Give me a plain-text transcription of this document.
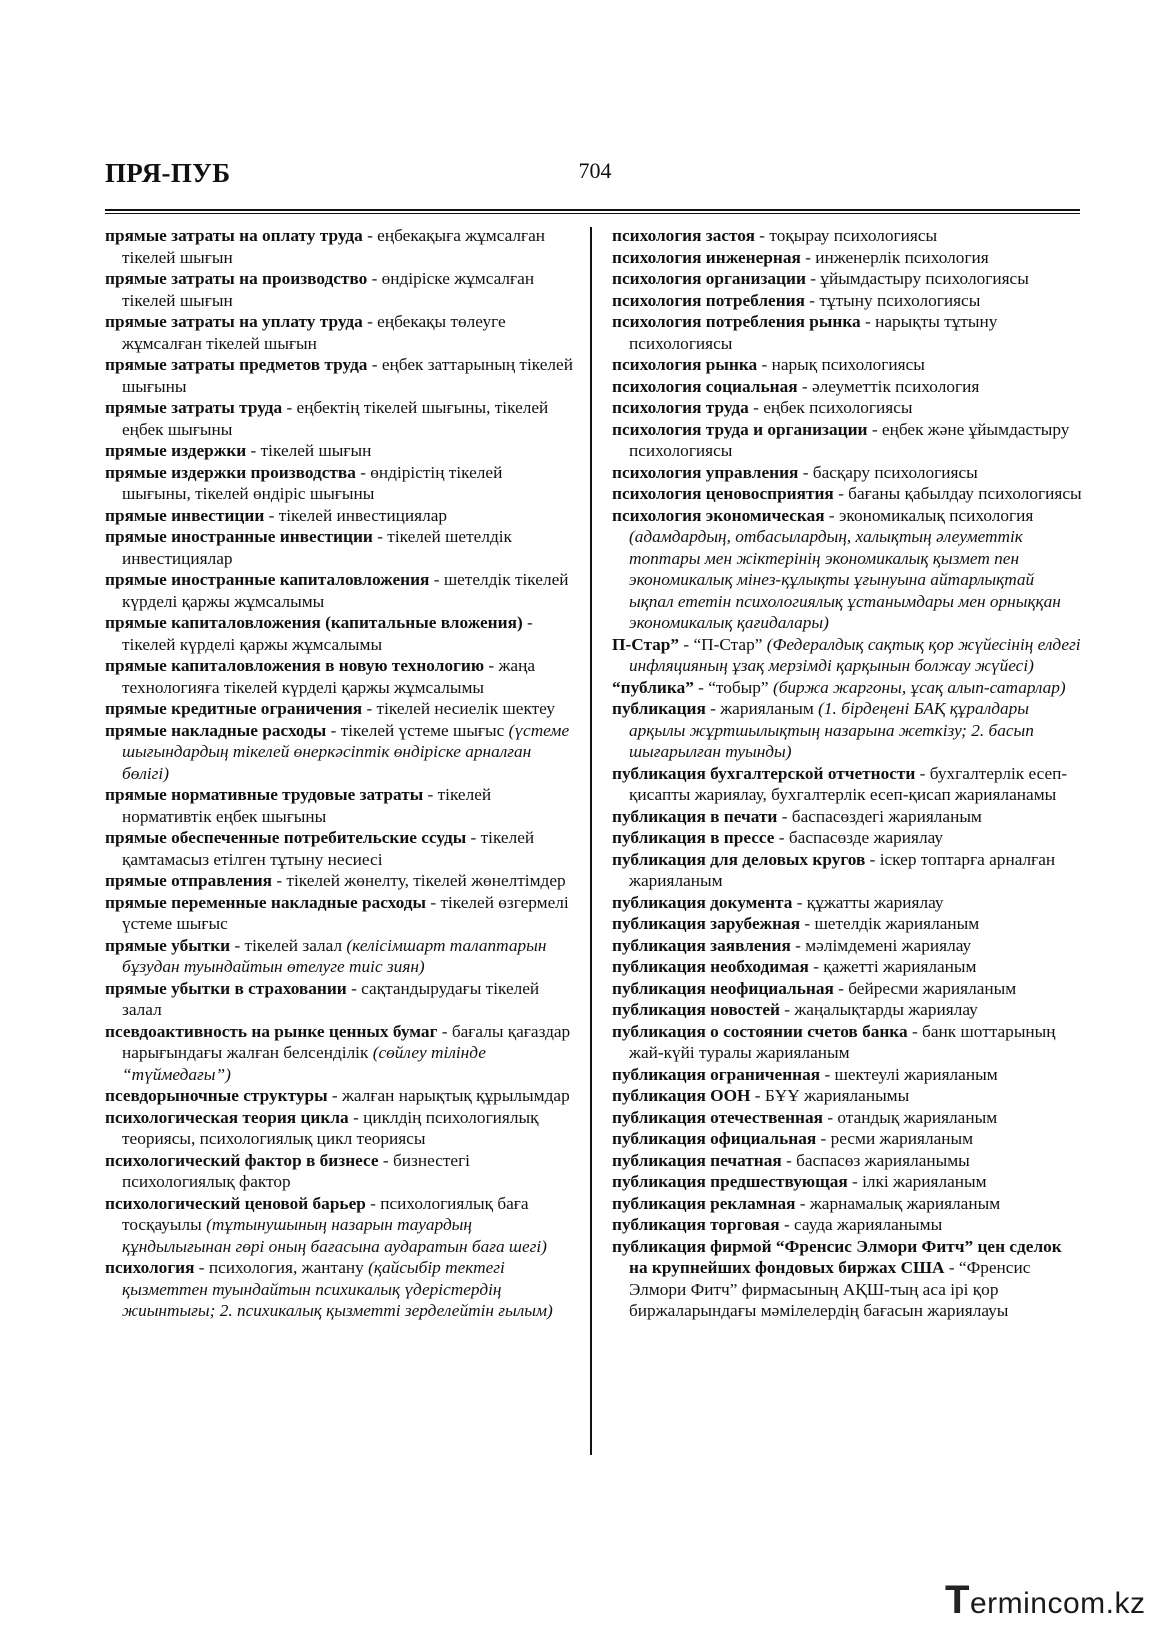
ПРЯ-ПУБ	704
прямые затраты на оплату труда - еңбекақыға жұмсалған тікелей шығын
прямые затраты на производство - өндіріске жұмсалған тікелей шығын
прямые затраты на уплату труда - еңбекақы төлеуге жұмсалған тікелей шығын
прямые затраты предметов труда - еңбек заттарының тікелей шығыны
прямые затраты труда - еңбектің тікелей шығыны, тікелей еңбек шығыны
прямые издержки - тікелей шығын
прямые издержки производства - өндірістің тікелей шығыны, тікелей өндіріс шығыны
прямые инвестиции - тікелей инвестициялар
прямые иностранные инвестиции - тікелей шетелдік инвестициялар
прямые иностранные капиталовложения - шетелдік тікелей күрделі қаржы жұмсалымы
прямые капиталовложения (капитальные вложения) - тікелей күрделі қаржы жұмсалымы
прямые капиталовложения в новую технологию - жаңа технологияға тікелей күрделі қаржы жұмсалымы
прямые кредитные ограничения - тікелей несиелік шектеу
прямые накладные расходы - тікелей үстеме шығыс (үстеме шығындардың тікелей өнеркәсіптік өндіріске арналған бөлігі)
прямые нормативные трудовые затраты - тікелей нормативтік еңбек шығыны
прямые обеспеченные потребительские ссуды - тікелей қамтамасыз етілген тұтыну несиесі
прямые отправления - тікелей жөнелту, тікелей жөнелтімдер
прямые переменные накладные расходы - тікелей өзгермелі үстеме шығыс
прямые убытки - тікелей залал (келісімшарт талаптарын бұзудан туындайтын өтелуге тиіс зиян)
прямые убытки в страховании - сақтандырудағы тікелей залал
псевдоактивность на рынке ценных бумаг - бағалы қағаздар нарығындағы жалған белсенділік (сөйлеу тілінде “түймедағы”)
псевдорыночные структуры - жалған нарықтық құрылымдар
психологическая теория цикла - циклдің психологиялық теориясы, психологиялық цикл теориясы
психологический фактор в бизнесе - бизнестегі психологиялық фактор
психологический ценовой барьер - психологиялық баға тосқауылы (тұтынушының назарын тауардың құндылығынан гөрі оның бағасына аударатын баға шегі)
психология - психология, жантану (қайсыбір тектегі қызметтен туындайтын психикалық үдерістердің жиынтығы; 2. психикалық қызметті зерделейтін ғылым)
психология застоя - тоқырау психологиясы
психология инженерная - инженерлік психология
психология организации - ұйымдастыру психологиясы
психология потребления - тұтыну психологиясы
психология потребления рынка - нарықты тұтыну психологиясы
психология рынка - нарық психологиясы
психология социальная - әлеуметтік психология
психология труда - еңбек психологиясы
психология труда и организации - еңбек және ұйымдастыру психологиясы
психология управления - басқару психологиясы
психология ценовосприятия - бағаны қабылдау психологиясы
психология экономическая - экономикалық психология (адамдардың, отбасылардың, халықтың әлеуметтік топтары мен жіктерінің экономикалық қызмет пен экономикалық мінез-құлықты ұғынуына айтарлықтай ықпал ететін психологиялық ұстанымдары мен орныққан экономикалық қағидалары)
П-Стар” - “П-Стар” (Федералдық сақтық қор жүйесінің елдегі инфляцияның ұзақ мерзімді қарқынын болжау жүйесі)
“публика” - “тобыр” (биржа жаргоны, ұсақ алып-сатарлар)
публикация - жарияланым (1. бірдеңені БАҚ құралдары арқылы жұртшылықтың назарына жеткізу; 2. басып шығарылған туынды)
публикация бухгалтерской отчетности - бухгалтерлік есеп-қисапты жариялау, бухгалтерлік есеп-қисап жарияланамы
публикация в печати - баспасөздегі жарияланым
публикация в прессе - баспасөзде жариялау
публикация для деловых кругов - іскер топтарға арналған жарияланым
публикация документа - құжатты жариялау
публикация зарубежная - шетелдік жарияланым
публикация заявления - мәлімдемені жариялау
публикация необходимая - қажетті жарияланым
публикация неофициальная - бейресми жарияланым
публикация новостей - жаңалықтарды жариялау
публикация о состоянии счетов банка - банк шоттарының жай-күйі туралы жарияланым
публикация ограниченная - шектеулі жарияланым
публикация ООН - БҰҰ жарияланымы
публикация отечественная - отандық жарияланым
публикация официальная - ресми жарияланым
публикация печатная - баспасөз жарияланымы
публикация предшествующая - ілкі жарияланым
публикация рекламная - жарнамалық жарияланым
публикация торговая - сауда жарияланымы
публикация фирмой “Френсис Элмори Фитч” цен сделок на крупнейших фондовых биржах США - “Френсис Элмори Фитч” фирмасының АҚШ-тың аса ірі қор биржаларындағы мәмілелердің бағасын жариялауы
Termincom.kz
